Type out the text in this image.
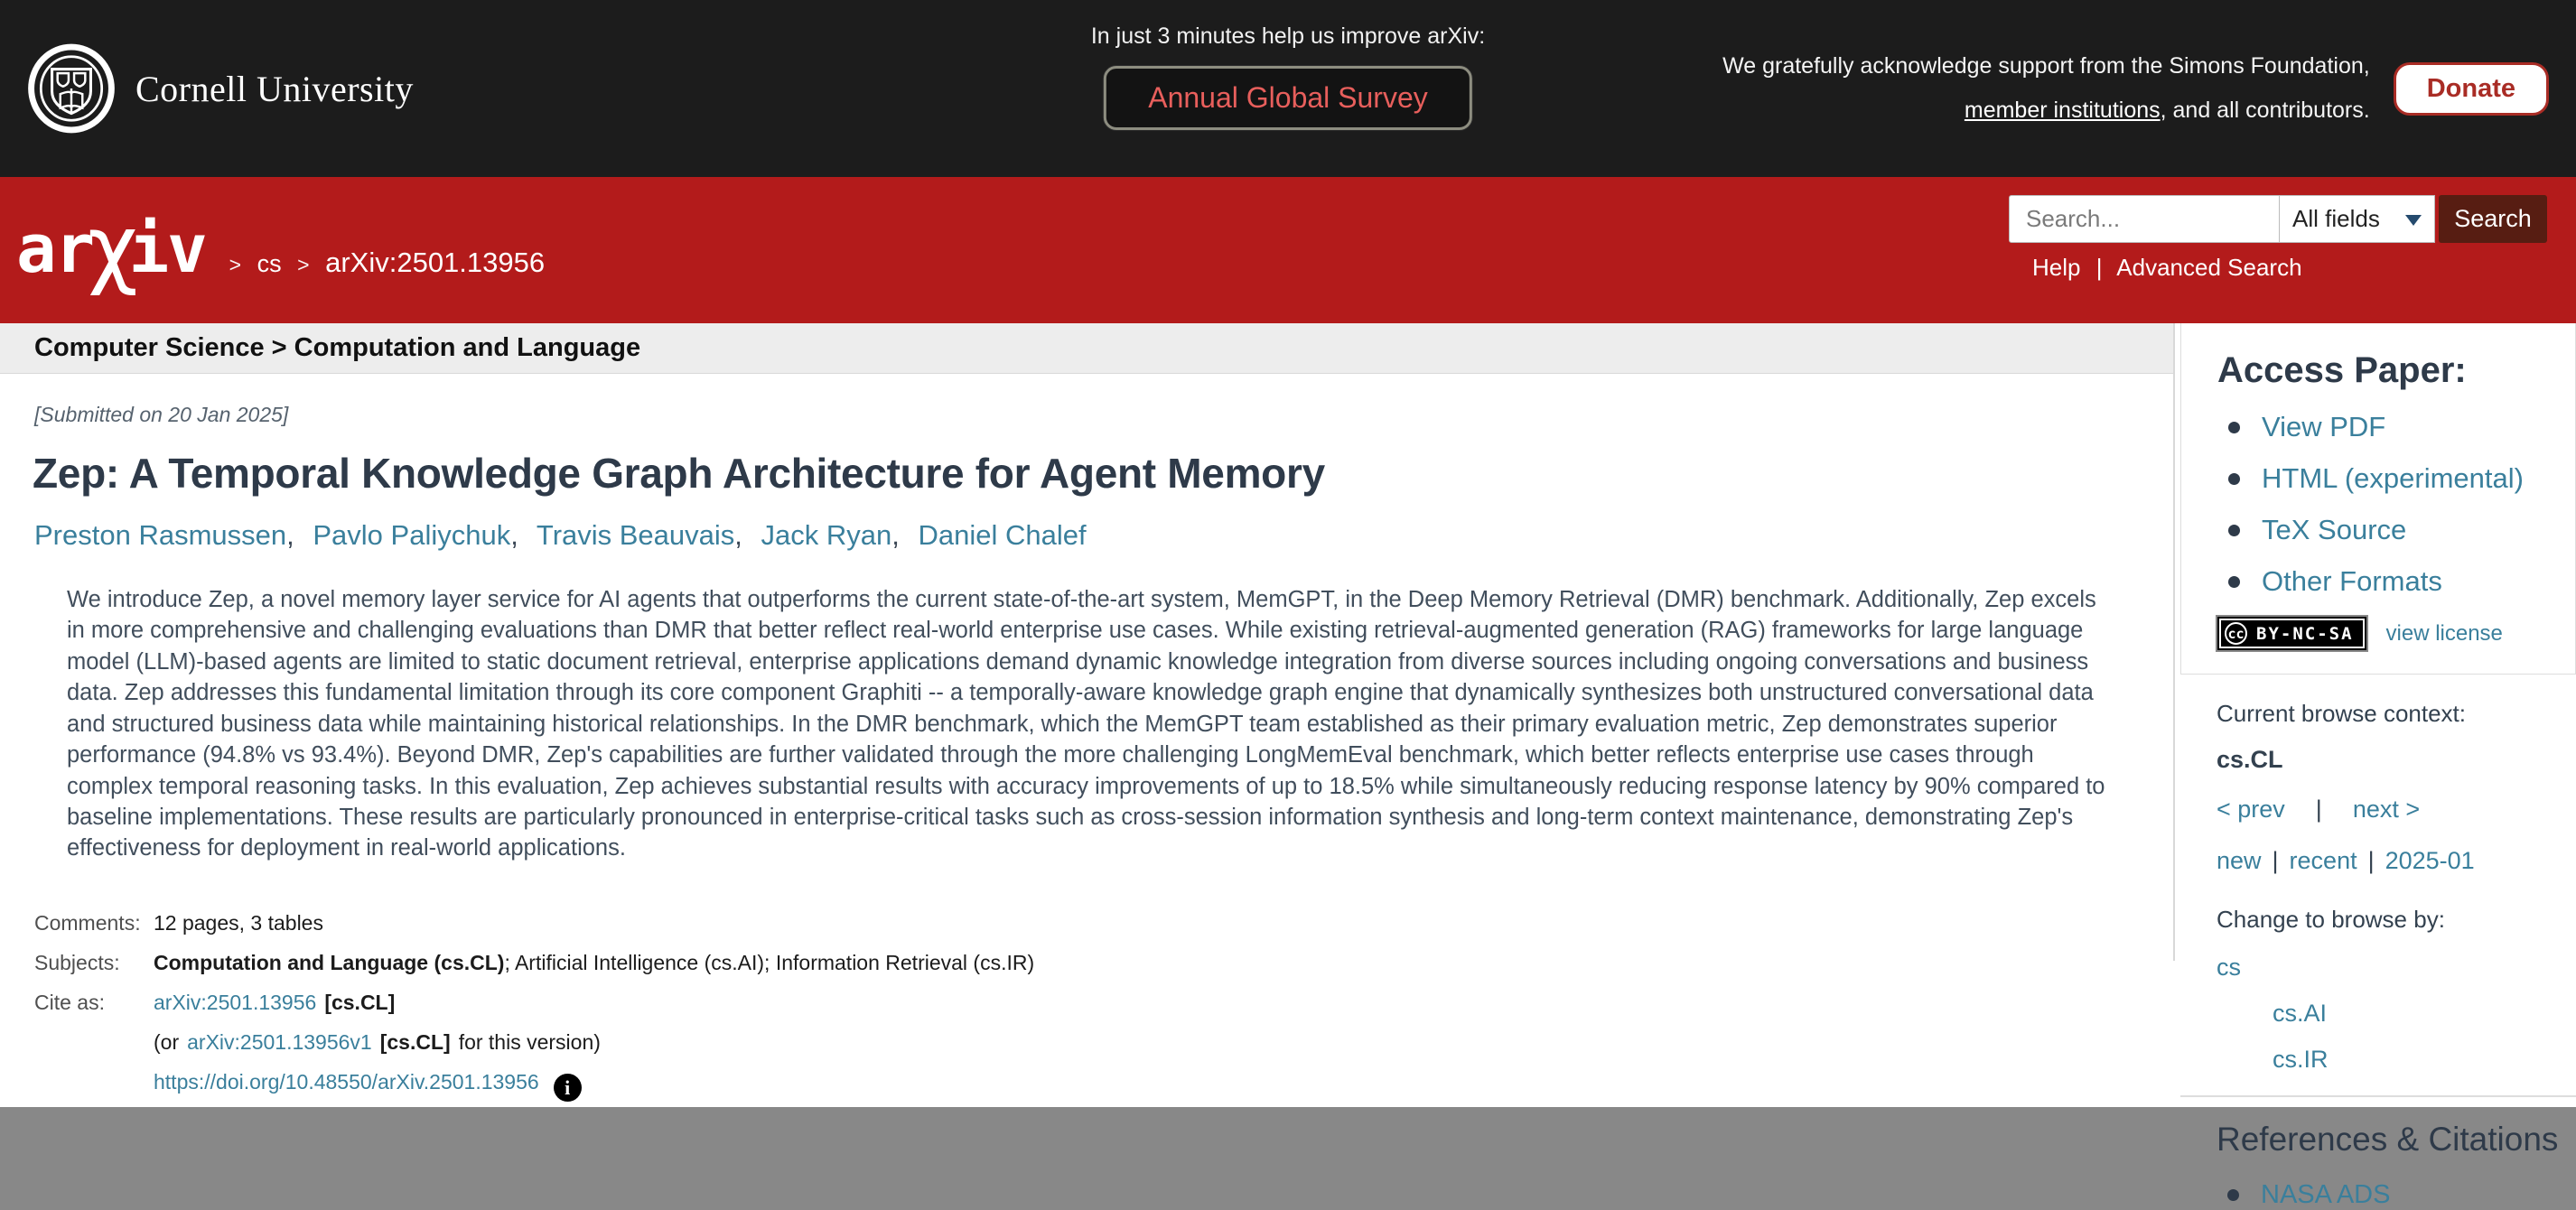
Cornell University
In just 3 minutes help us improve arXiv:
Annual Global Survey
We gratefully acknowledge support from the Simons Foundation,
member institutions, and all contributors.
Donate
ar
χ
iv	> cs > arXiv:2501.13956
Search...
All fields	Search
Help | Advanced Search
Computer Science > Computation and Language
[Submitted on 20 Jan 2025]
Zep: A Temporal Knowledge Graph Architecture for Agent Memory
Preston Rasmussen, Pavlo Paliychuk, Travis Beauvais, Jack Ryan, Daniel Chalef
We introduce Zep, a novel memory layer service for AI agents that outperforms the current state-of-the-art system, MemGPT, in the Deep Memory Retrieval (DMR) benchmark. Additionally, Zep excels in more comprehensive and challenging evaluations than DMR that better reflect real-world enterprise use cases. While existing retrieval-augmented generation (RAG) frameworks for large language model (LLM)-based agents are limited to static document retrieval, enterprise applications demand dynamic knowledge integration from diverse sources including ongoing conversations and business data. Zep addresses this fundamental limitation through its core component Graphiti -- a temporally-aware knowledge graph engine that dynamically synthesizes both unstructured conversational data and structured business data while maintaining historical relationships. In the DMR benchmark, which the MemGPT team established as their primary evaluation metric, Zep demonstrates superior performance (94.8% vs 93.4%). Beyond DMR, Zep's capabilities are further validated through the more challenging LongMemEval benchmark, which better reflects enterprise use cases through complex temporal reasoning tasks. In this evaluation, Zep achieves substantial results with accuracy improvements of up to 18.5% while simultaneously reducing response latency by 90% compared to baseline implementations. These results are particularly pronounced in enterprise-critical tasks such as cross-session information synthesis and long-term context maintenance, demonstrating Zep's effectiveness for deployment in real-world applications.
Comments: 12 pages, 3 tables
Subjects:	Computation and Language (cs.CL); Artificial Intelligence (cs.AI); Information Retrieval (cs.IR)
Cite as:	arXiv:2501.13956 [cs.CL]
(or arXiv:2501.13956v1 [cs.CL] for this version)
https://doi.org/10.48550/arXiv.2501.13956 i
Access Paper:
View PDF
HTML (experimental)
TeX Source
Other Formats
cc BY-NC-SA view license
Current browse context:
cs.CL
< prev | next >
new | recent | 2025-01
Change to browse by:
cs
cs.AI
cs.IR
References & Citations
NASA ADS
